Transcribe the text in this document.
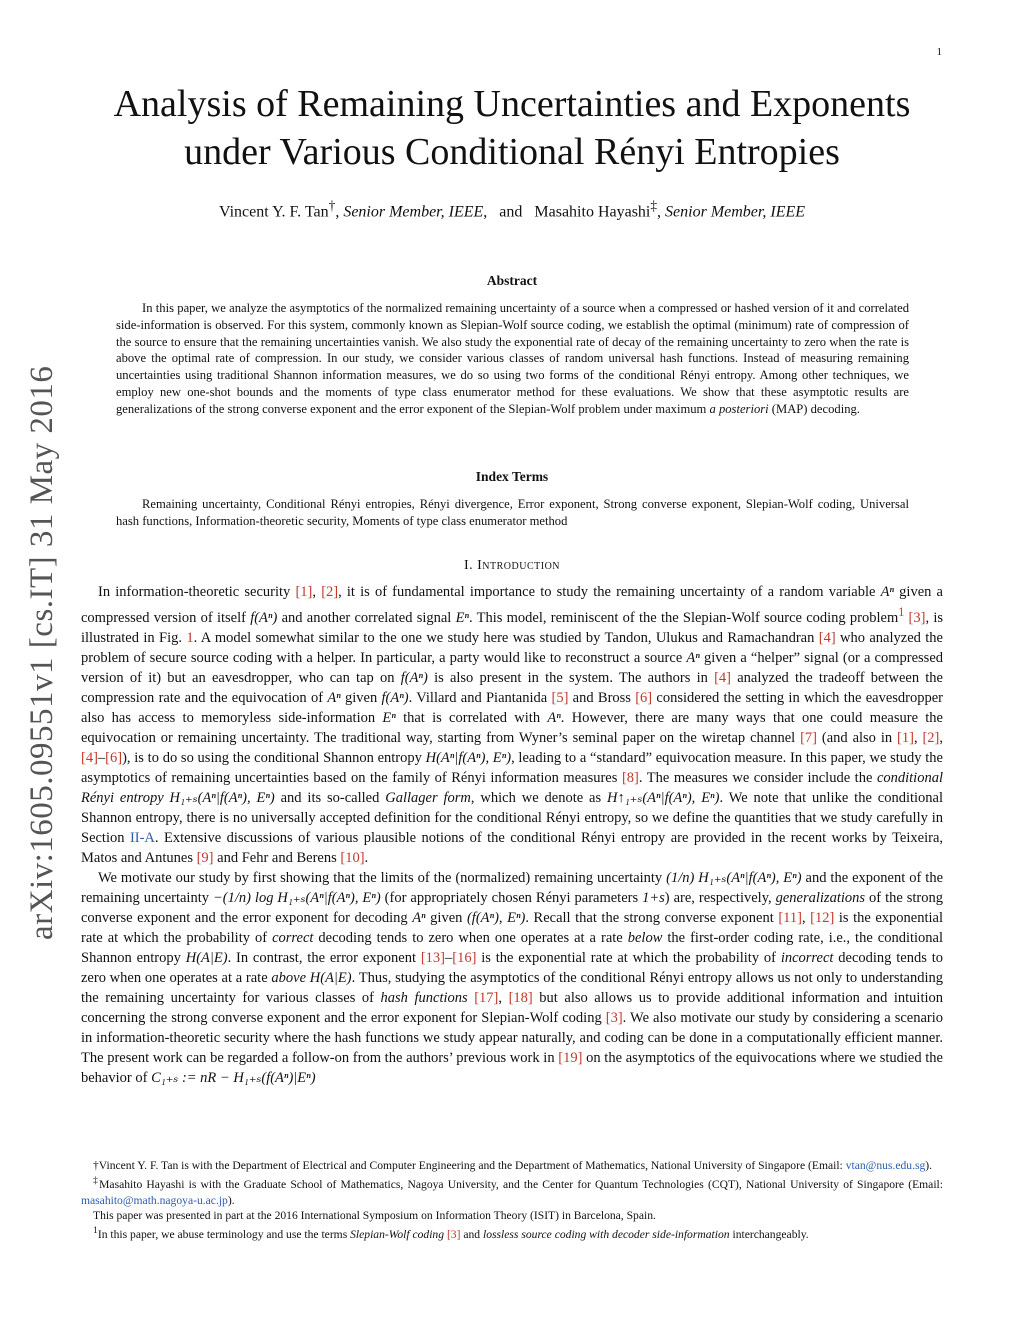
1
arXiv:1605.09551v1 [cs.IT] 31 May 2016
Analysis of Remaining Uncertainties and Exponents
under Various Conditional Rényi Entropies
Vincent Y. F. Tan†, Senior Member, IEEE,   and Masahito Hayashi‡, Senior Member, IEEE
Abstract

In this paper, we analyze the asymptotics of the normalized remaining uncertainty of a source when a compressed or hashed version of it and correlated side-information is observed. For this system, commonly known as Slepian-Wolf source coding, we establish the optimal (minimum) rate of compression of the source to ensure that the remaining uncertainties vanish. We also study the exponential rate of decay of the remaining uncertainty to zero when the rate is above the optimal rate of compression. In our study, we consider various classes of random universal hash functions. Instead of measuring remaining uncertainties using traditional Shannon information measures, we do so using two forms of the conditional Rényi entropy. Among other techniques, we employ new one-shot bounds and the moments of type class enumerator method for these evaluations. We show that these asymptotic results are generalizations of the strong converse exponent and the error exponent of the Slepian-Wolf problem under maximum a posteriori (MAP) decoding.

Index Terms

Remaining uncertainty, Conditional Rényi entropies, Rényi divergence, Error exponent, Strong converse exponent, Slepian-Wolf coding, Universal hash functions, Information-theoretic security, Moments of type class enumerator method

I. Introduction

In information-theoretic security [1], [2], it is of fundamental importance to study the remaining uncertainty of a random variable Aⁿ given a compressed version of itself f(Aⁿ) and another correlated signal Eⁿ. This model, reminiscent of the the Slepian-Wolf source coding problem$^1$ [3], is illustrated in Fig. 1. A model somewhat similar to the one we study here was studied by Tandon, Ulukus and Ramachandran [4] who analyzed the problem of secure source coding with a helper. In particular, a party would like to reconstruct a source Aⁿ given a “helper” signal (or a compressed version of it) but an eavesdropper, who can tap on f(Aⁿ) is also present in the system. The authors in [4] analyzed the tradeoff between the compression rate and the equivocation of Aⁿ given f(Aⁿ). Villard and Piantanida [5] and Bross [6] considered the setting in which the eavesdropper also has access to memoryless side-information Eⁿ that is correlated with Aⁿ. However, there are many ways that one could measure the equivocation or remaining uncertainty. The traditional way, starting from Wyner’s seminal paper on the wiretap channel [7] (and also in [1], [2], [4]–[6]), is to do so using the conditional Shannon entropy H(Aⁿ|f(Aⁿ), Eⁿ), leading to a “standard” equivocation measure. In this paper, we study the asymptotics of remaining uncertainties based on the family of Rényi information measures [8]. The measures we consider include the conditional Rényi entropy H₁₊ₛ(Aⁿ|f(Aⁿ), Eⁿ) and its so-called Gallager form, which we denote as H↑₁₊ₛ(Aⁿ|f(Aⁿ), Eⁿ). We note that unlike the conditional Shannon entropy, there is no universally accepted definition for the conditional Rényi entropy, so we define the quantities that we study carefully in Section II-A. Extensive discussions of various plausible notions of the conditional Rényi entropy are provided in the recent works by Teixeira, Matos and Antunes [9] and Fehr and Berens [10].

We motivate our study by first showing that the limits of the (normalized) remaining uncertainty (1/n) H₁₊ₛ(Aⁿ|f(Aⁿ), Eⁿ) and the exponent of the remaining uncertainty −(1/n) log H₁₊ₛ(Aⁿ|f(Aⁿ), Eⁿ) (for appropriately chosen Rényi parameters 1+s) are, respectively, generalizations of the strong converse exponent and the error exponent for decoding Aⁿ given (f(Aⁿ), Eⁿ). Recall that the strong converse exponent [11], [12] is the exponential rate at which the probability of correct decoding tends to zero when one operates at a rate below the first-order coding rate, i.e., the conditional Shannon entropy H(A|E). In contrast, the error exponent [13]–[16] is the exponential rate at which the probability of incorrect decoding tends to zero when one operates at a rate above H(A|E). Thus, studying the asymptotics of the conditional Rényi entropy allows us not only to understanding the remaining uncertainty for various classes of hash functions [17], [18] but also allows us to provide additional information and intuition concerning the strong converse exponent and the error exponent for Slepian-Wolf coding [3]. We also motivate our study by considering a scenario in information-theoretic security where the hash functions we study appear naturally, and coding can be done in a computationally efficient manner. The present work can be regarded a follow-on from the authors’ previous work in [19] on the asymptotics of the equivocations where we studied the behavior of C₁₊ₛ := nR − H₁₊ₛ(f(Aⁿ)|Eⁿ)

†Vincent Y. F. Tan is with the Department of Electrical and Computer Engineering and the Department of Mathematics, National University of Singapore (Email: vtan@nus.edu.sg).

‡Masahito Hayashi is with the Graduate School of Mathematics, Nagoya University, and the Center for Quantum Technologies (CQT), National University of Singapore (Email: masahito@math.nagoya-u.ac.jp).

This paper was presented in part at the 2016 International Symposium on Information Theory (ISIT) in Barcelona, Spain.

$^1$In this paper, we abuse terminology and use the terms Slepian-Wolf coding [3] and lossless source coding with decoder side-information interchangeably.
